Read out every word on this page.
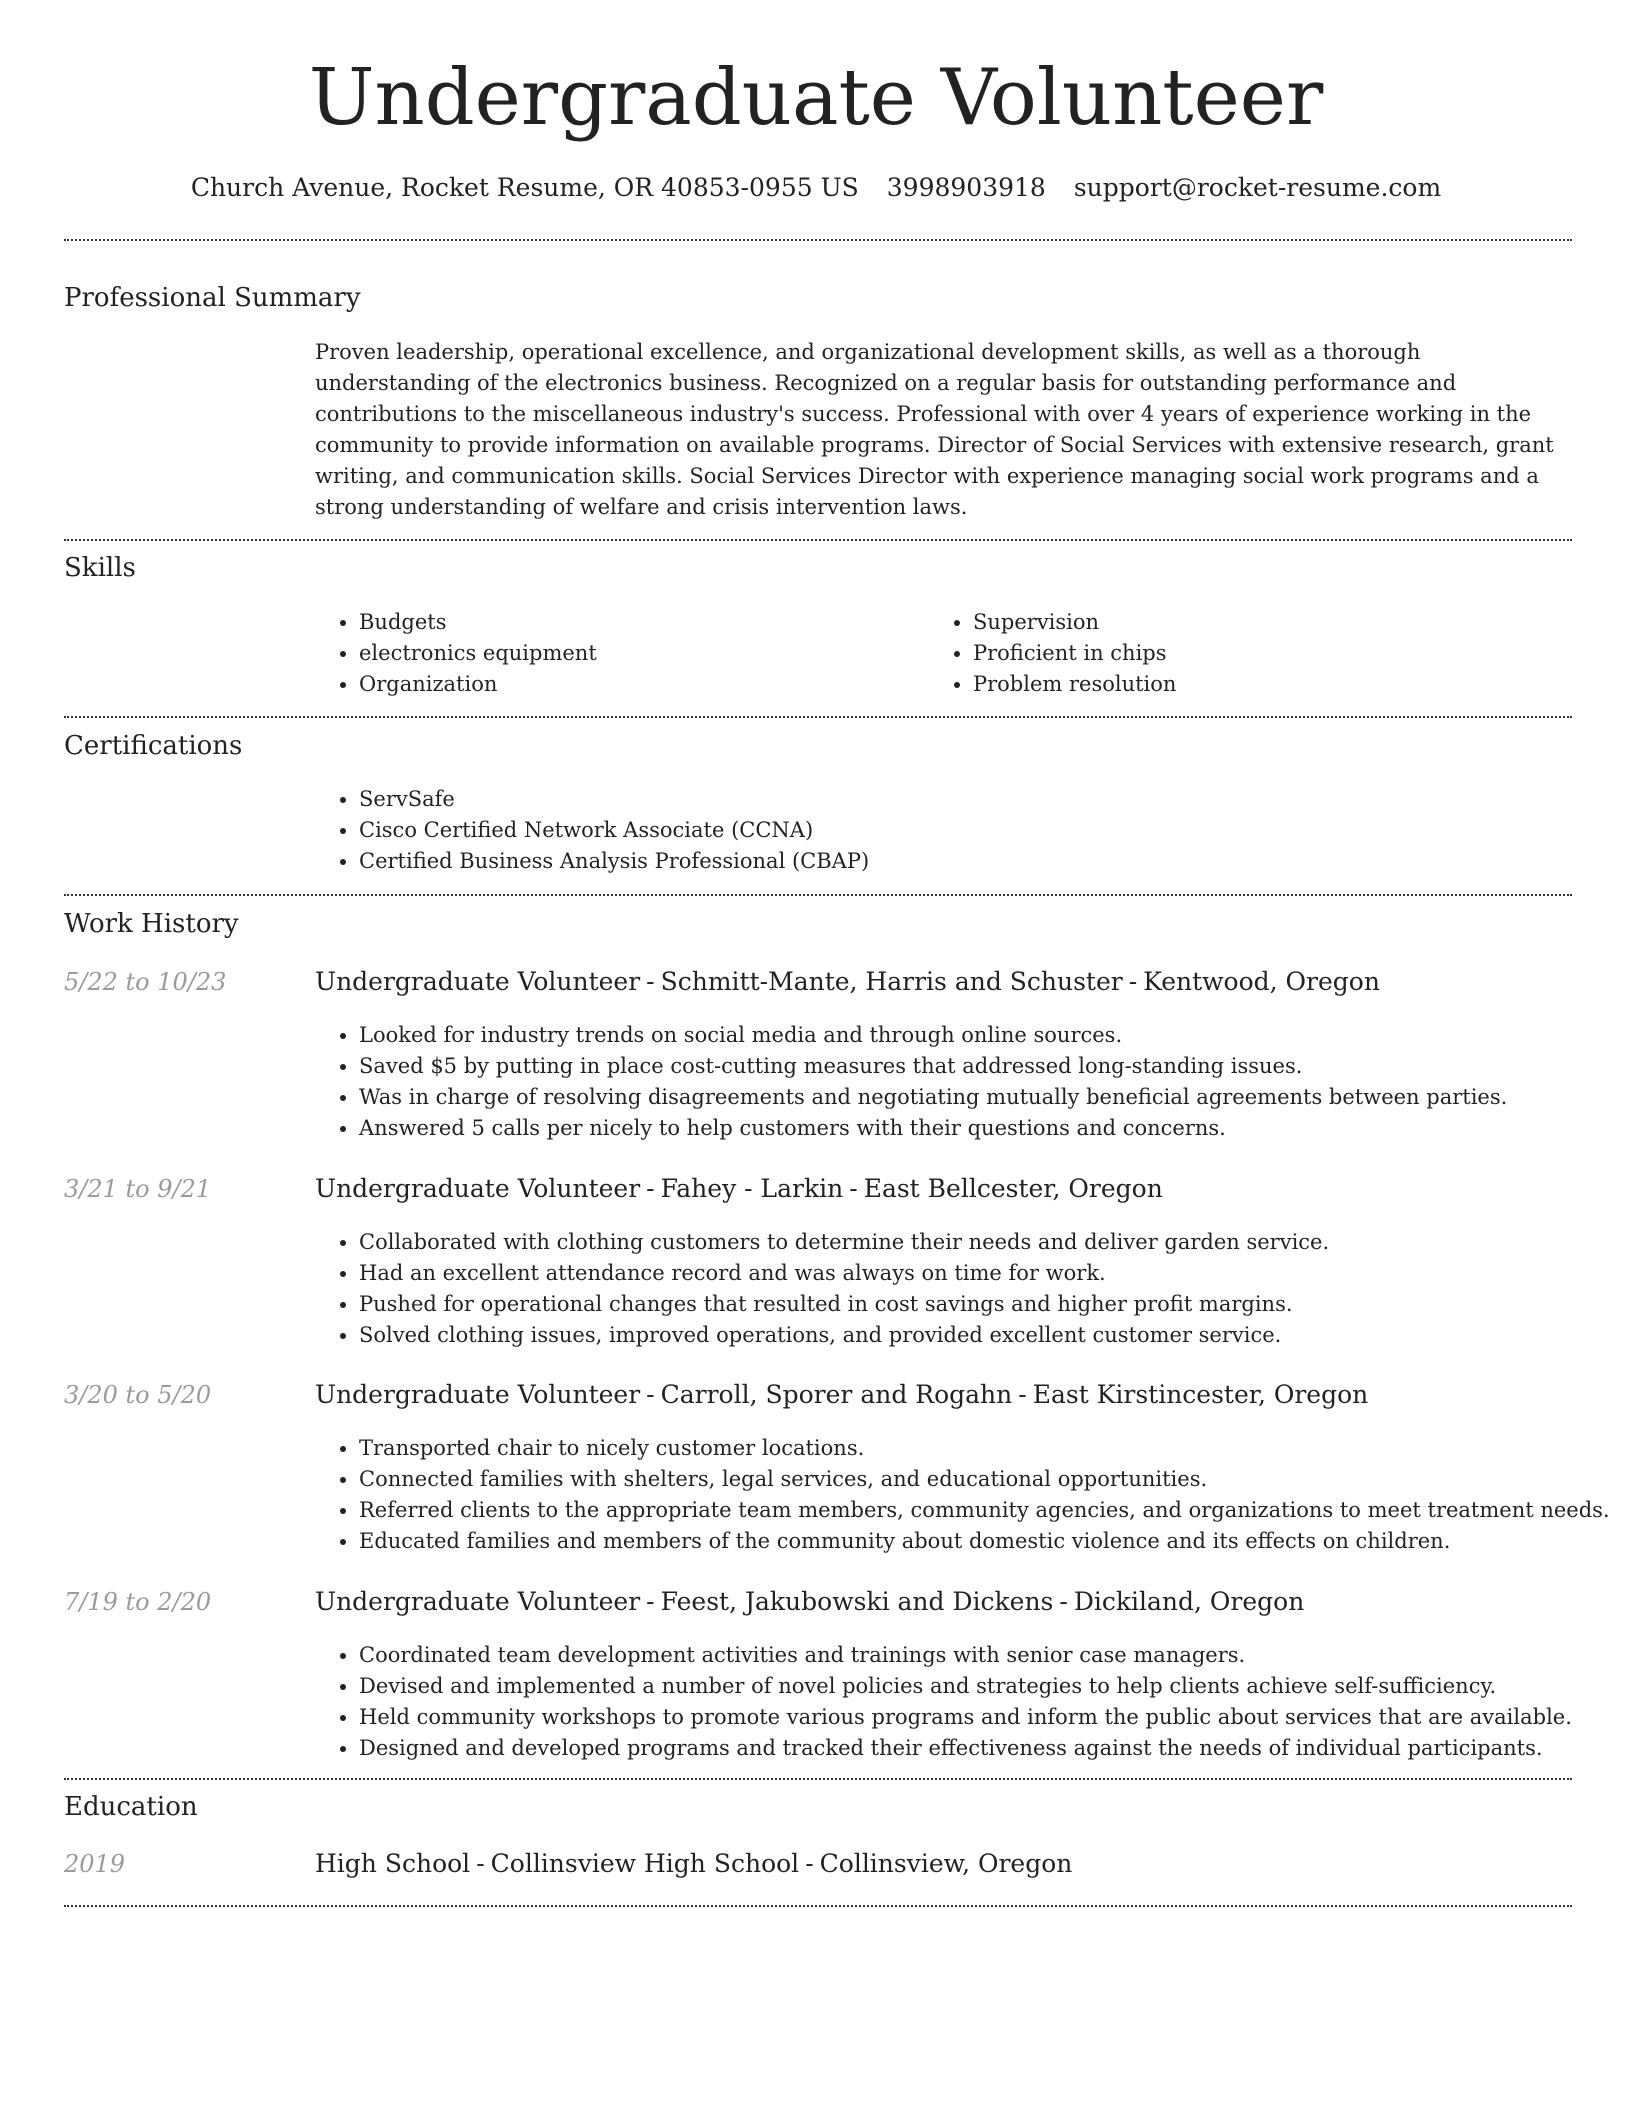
Undergraduate Volunteer
Church Avenue, Rocket Resume, OR 40853-0955 US 3998903918 support@rocket-resume.com
Professional Summary

Proven leadership, operational excellence, and organizational development skills, as well as a thorough understanding of the electronics business. Recognized on a regular basis for outstanding performance and contributions to the miscellaneous industry's success. Professional with over 4 years of experience working in the community to provide information on available programs. Director of Social Services with extensive research, grant writing, and communication skills. Social Services Director with experience managing social work programs and a strong understanding of welfare and crisis intervention laws.

Skills
• Budgets
• electronics equipment
• Organization
• Supervision
• Proficient in chips
• Problem resolution
Certifications
• ServSafe
• Cisco Certified Network Associate (CCNA)
• Certified Business Analysis Professional (CBAP)
Work History
5/22 to 10/23	Undergraduate Volunteer - Schmitt-Mante, Harris and Schuster - Kentwood, Oregon
• Looked for industry trends on social media and through online sources.
• Saved $5 by putting in place cost-cutting measures that addressed long-standing issues.
• Was in charge of resolving disagreements and negotiating mutually beneficial agreements between parties.
• Answered 5 calls per nicely to help customers with their questions and concerns.
3/21 to 9/21	Undergraduate Volunteer - Fahey - Larkin - East Bellcester, Oregon
• Collaborated with clothing customers to determine their needs and deliver garden service.
• Had an excellent attendance record and was always on time for work.
• Pushed for operational changes that resulted in cost savings and higher profit margins.
• Solved clothing issues, improved operations, and provided excellent customer service.
3/20 to 5/20	Undergraduate Volunteer - Carroll, Sporer and Rogahn - East Kirstincester, Oregon
• Transported chair to nicely customer locations.
• Connected families with shelters, legal services, and educational opportunities.
• Referred clients to the appropriate team members, community agencies, and organizations to meet treatment needs.
• Educated families and members of the community about domestic violence and its effects on children.
7/19 to 2/20	Undergraduate Volunteer - Feest, Jakubowski and Dickens - Dickiland, Oregon
• Coordinated team development activities and trainings with senior case managers.
• Devised and implemented a number of novel policies and strategies to help clients achieve self-sufficiency.
• Held community workshops to promote various programs and inform the public about services that are available.
• Designed and developed programs and tracked their effectiveness against the needs of individual participants.
Education
2019	High School - Collinsview High School - Collinsview, Oregon
